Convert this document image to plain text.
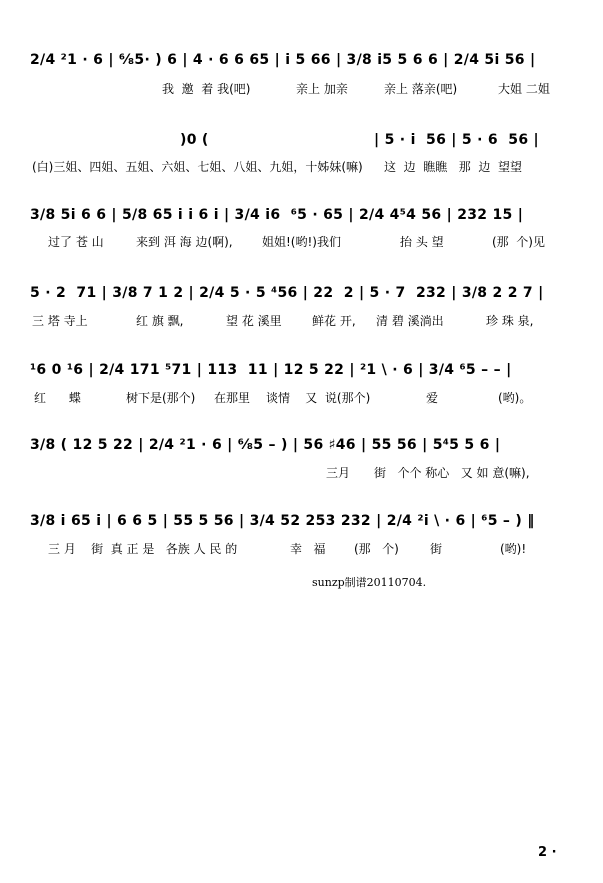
2/4 ²1 · 6 | ⁶⁄₈5· ) 6 | 4 · 6 6 65 | i 5 66 | 3/8 i5 5 6 6 | 2/4 5i 56 |

我  邀  着 我(吧)

	亲上 加亲

	亲上 落亲(吧)

	大姐 二姐

)0 (

	| 5 · i  56 | 5 · 6  56 |

(白)三姐、四姐、五姐、六姐、七姐、八姐、九姐，十姊妹(嘛)

这  边  瞧瞧   那  边  望望

3/8 5i 6 6 | 5/8 65 i i 6 i | 3/4 i6  ⁶5 · 65 | 2/4 4⁵4 56 | 232 15 |

过了 苍 山

	来到 洱 海 边(啊),

姐姐!(哟!)我们

	抬 头 望

	(那  个)见

5 · 2  71 | 3/8 7 1 2 | 2/4 5 · 5 ⁴56 | 22  2 | 5 · 7  232 | 3/8 2 2 7 |

三 塔 寺上

	红 旗 飘,

	望 花 溪里

	鲜花 开,

清 碧 溪淌出

	珍 珠 泉,

¹6 0 ¹6 | 2/4 171 ⁵71 | 113  11 | 12 5 22 | ²1 \ · 6 | 3/4 ⁶5 – – |

红      蝶

	树下是(那个)

在那里

谈情    又  说(那个)

	爱

	(哟)。

3/8 ( 12 5 22 | 2/4 ²1 · 6 | ⁶⁄₈5 – ) | 56 ♯46 | 55 56 | 5⁴5 5 6 |

三月

街   个个 称心   又 如 意(嘛),

3/8 i 65 i | 6 6 5 | 55 5 56 | 3/4 52 253 232 | 2/4 ²i \ · 6 | ⁶5 – ) ‖

三 月    街  真 正 是   各族 人 民 的

	幸   福

(那   个)

	街

	(哟)!

sunzp制谱20110704.
2 ·
